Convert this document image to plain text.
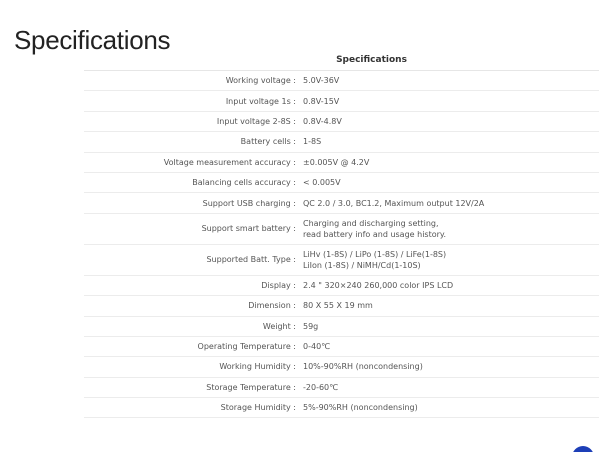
Specifications
Specifications	
Working voltage :	5.0V-36V

Input voltage 1s :	0.8V-15V

Input voltage 2-8S :	0.8V-4.8V

Battery cells :	1-8S

Voltage measurement accuracy :	±0.005V @ 4.2V

Balancing cells accuracy :	< 0.005V

Support USB charging :	QC 2.0 / 3.0, BC1.2, Maximum output 12V/2A

Support smart battery :	Charging and discharging setting,
read battery info and usage history.

Supported Batt. Type :	LiHv (1-8S) / LiPo (1-8S) / LiFe(1-8S)
LiIon (1-8S) / NiMH/Cd(1-10S)

Display :	2.4 " 320×240 260,000 color IPS LCD

Dimension :	80 X 55 X 19 mm

Weight :	59g

Operating Temperature :	0-40℃

Working Humidity :	10%-90%RH (noncondensing)

Storage Temperature :	-20-60℃

Storage Humidity :	5%-90%RH (noncondensing)
